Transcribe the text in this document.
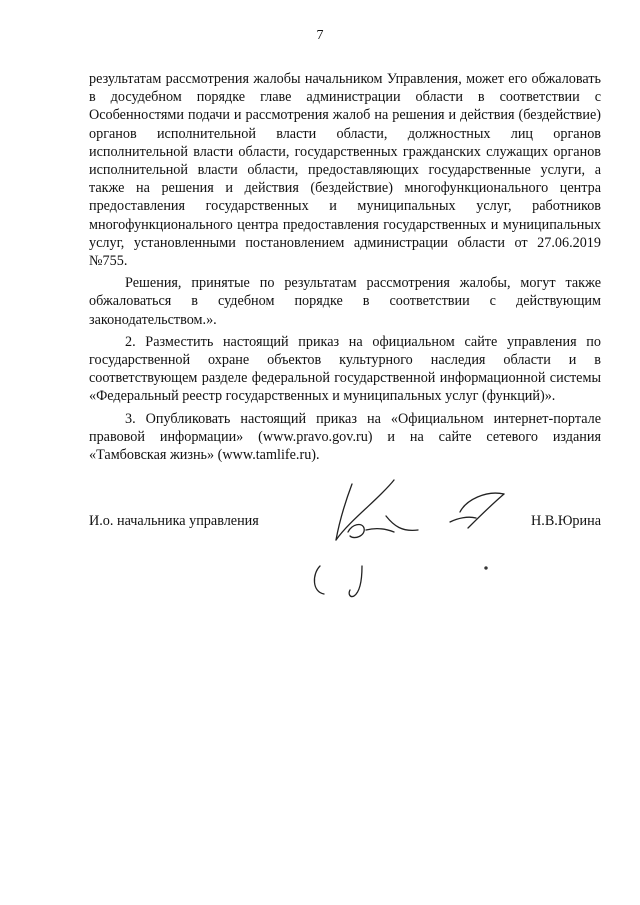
7

результатам рассмотрения жалобы начальником Управления, может его обжаловать в досудебном порядке главе администрации области в соответствии с Особенностями подачи и рассмотрения жалоб на решения и действия (бездействие) органов исполнительной власти области, должностных лиц органов исполнительной власти области, государственных гражданских служащих органов исполнительной власти области, предоставляющих государственные услуги, а также на решения и действия (бездействие) многофункционального центра предоставления государственных и муниципальных услуг, работников многофункционального центра предоставления государственных и муниципальных услуг, установленными постановлением администрации области от 27.06.2019 №755.

Решения, принятые по результатам рассмотрения жалобы, могут также обжаловаться в судебном порядке в соответствии с действующим законодательством.».

2. Разместить настоящий приказ на официальном сайте управления по государственной охране объектов культурного наследия области и в соответствующем разделе федеральной государственной информационной системы «Федеральный реестр государственных и муниципальных услуг (функций)».

3. Опубликовать настоящий приказ на «Официальном интернет-портале правовой информации» (www.pravo.gov.ru) и на сайте сетевого издания «Тамбовская жизнь» (www.tamlife.ru).

И.о. начальника управления	Н.В.Юрина
